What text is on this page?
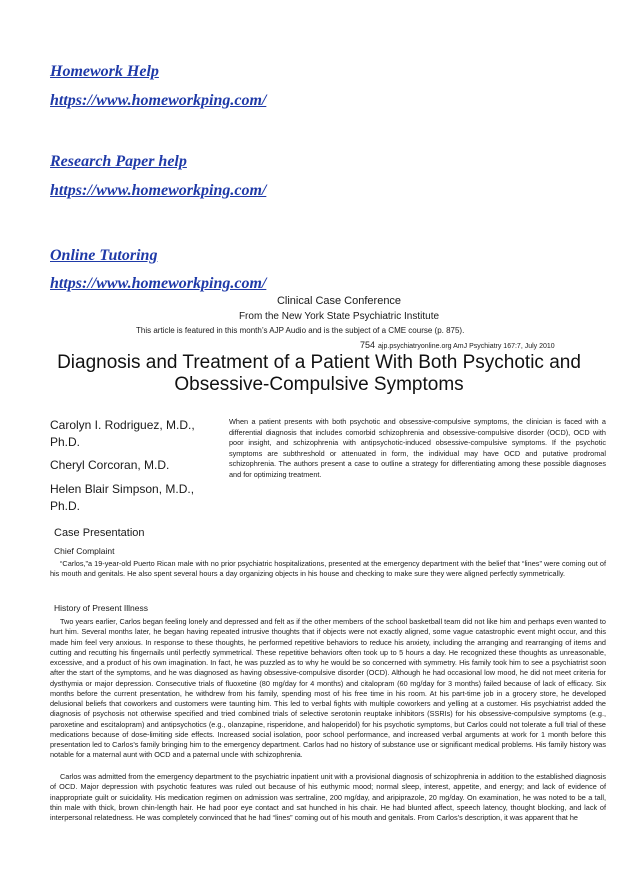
Homework Help
https://www.homeworkping.com/
Research Paper help
https://www.homeworkping.com/
Online Tutoring
https://www.homeworkping.com/
Clinical Case Conference
From the New York State Psychiatric Institute
This article is featured in this month’s AJP Audio and is the subject of a CME course (p. 875).
754 ajp.psychiatryonline.org AmJ Psychiatry 167:7, July 2010
Diagnosis and Treatment of a Patient With Both Psychotic and Obsessive-Compulsive Symptoms
Carolyn I. Rodriguez, M.D., Ph.D.
Cheryl Corcoran, M.D.
Helen Blair Simpson, M.D., Ph.D.
When a patient presents with both psychotic and obsessive-compulsive symptoms, the clinician is faced with a differential diagnosis that includes comorbid schizophrenia and obsessive-compulsive disorder (OCD), OCD with poor insight, and schizophrenia with antipsychotic-induced obsessive-compulsive symptoms. If the psychotic symptoms are subthreshold or attenuated in form, the individual may have OCD and putative prodromal schizophrenia. The authors present a case to outline a strategy for differentiating among these possible diagnoses and for optimizing treatment.
Case Presentation
Chief Complaint
“Carlos,”a 19-year-old Puerto Rican male with no prior psychiatric hospitalizations, presented at the emergency department with the belief that “lines” were coming out of his mouth and genitals. He also spent several hours a day organizing objects in his house and checking to make sure they were aligned perfectly symmetrically.
History of Present Illness
Two years earlier, Carlos began feeling lonely and depressed and felt as if the other members of the school basketball team did not like him and perhaps even wanted to hurt him. Several months later, he began having repeated intrusive thoughts that if objects were not exactly aligned, some vague catastrophic event might occur, and this made him feel very anxious. In response to these thoughts, he performed repetitive behaviors to reduce his anxiety, including the arranging and rearranging of items and cutting and recutting his fingernails until perfectly symmetrical. These repetitive behaviors often took up to 5 hours a day. He recognized these thoughts as unreasonable, excessive, and a product of his own imagination. In fact, he was puzzled as to why he would be so concerned with symmetry. His family took him to see a psychiatrist soon after the start of the symptoms, and he was diagnosed as having obsessive-compulsive disorder (OCD). Although he had occasional low mood, he did not meet criteria for dysthymia or major depression. Consecutive trials of fluoxetine (80 mg/day for 4 months) and citalopram (60 mg/day for 3 months) failed because of lack of efficacy. Six months before the current presentation, he withdrew from his family, spending most of his free time in his room. At his part-time job in a grocery store, he developed delusional beliefs that coworkers and customers were taunting him. This led to verbal fights with multiple coworkers and yelling at a customer. His psychiatrist added the diagnosis of psychosis not otherwise specified and tried combined trials of selective serotonin reuptake inhibitors (SSRIs) for his obsessive-compulsive symptoms (e.g., paroxetine and escitalopram) and antipsychotics (e.g., olanzapine, risperidone, and haloperidol) for his psychotic symptoms, but Carlos could not tolerate a full trial of these medications because of dose-limiting side effects. Increased social isolation, poor school performance, and increased verbal arguments at work for 1 month before this presentation led to Carlos’s family bringing him to the emergency department. Carlos had no history of substance use or significant medical problems. His family history was notable for a maternal aunt with OCD and a paternal uncle with schizophrenia.
Carlos was admitted from the emergency department to the psychiatric inpatient unit with a provisional diagnosis of schizophrenia in addition to the established diagnosis of OCD. Major depression with psychotic features was ruled out because of his euthymic mood; normal sleep, interest, appetite, and energy; and lack of evidence of inappropriate guilt or suicidality. His medication regimen on admission was sertraline, 200 mg/day, and aripiprazole, 20 mg/day. On examination, he was noted to be a tall, thin male with thick, brown chin-length hair. He had poor eye contact and sat hunched in his chair. He had blunted affect, speech latency, thought blocking, and lack of interpersonal relatedness. He was completely convinced that he had “lines” coming out of his mouth and genitals. From Carlos’s description, it was apparent that he
